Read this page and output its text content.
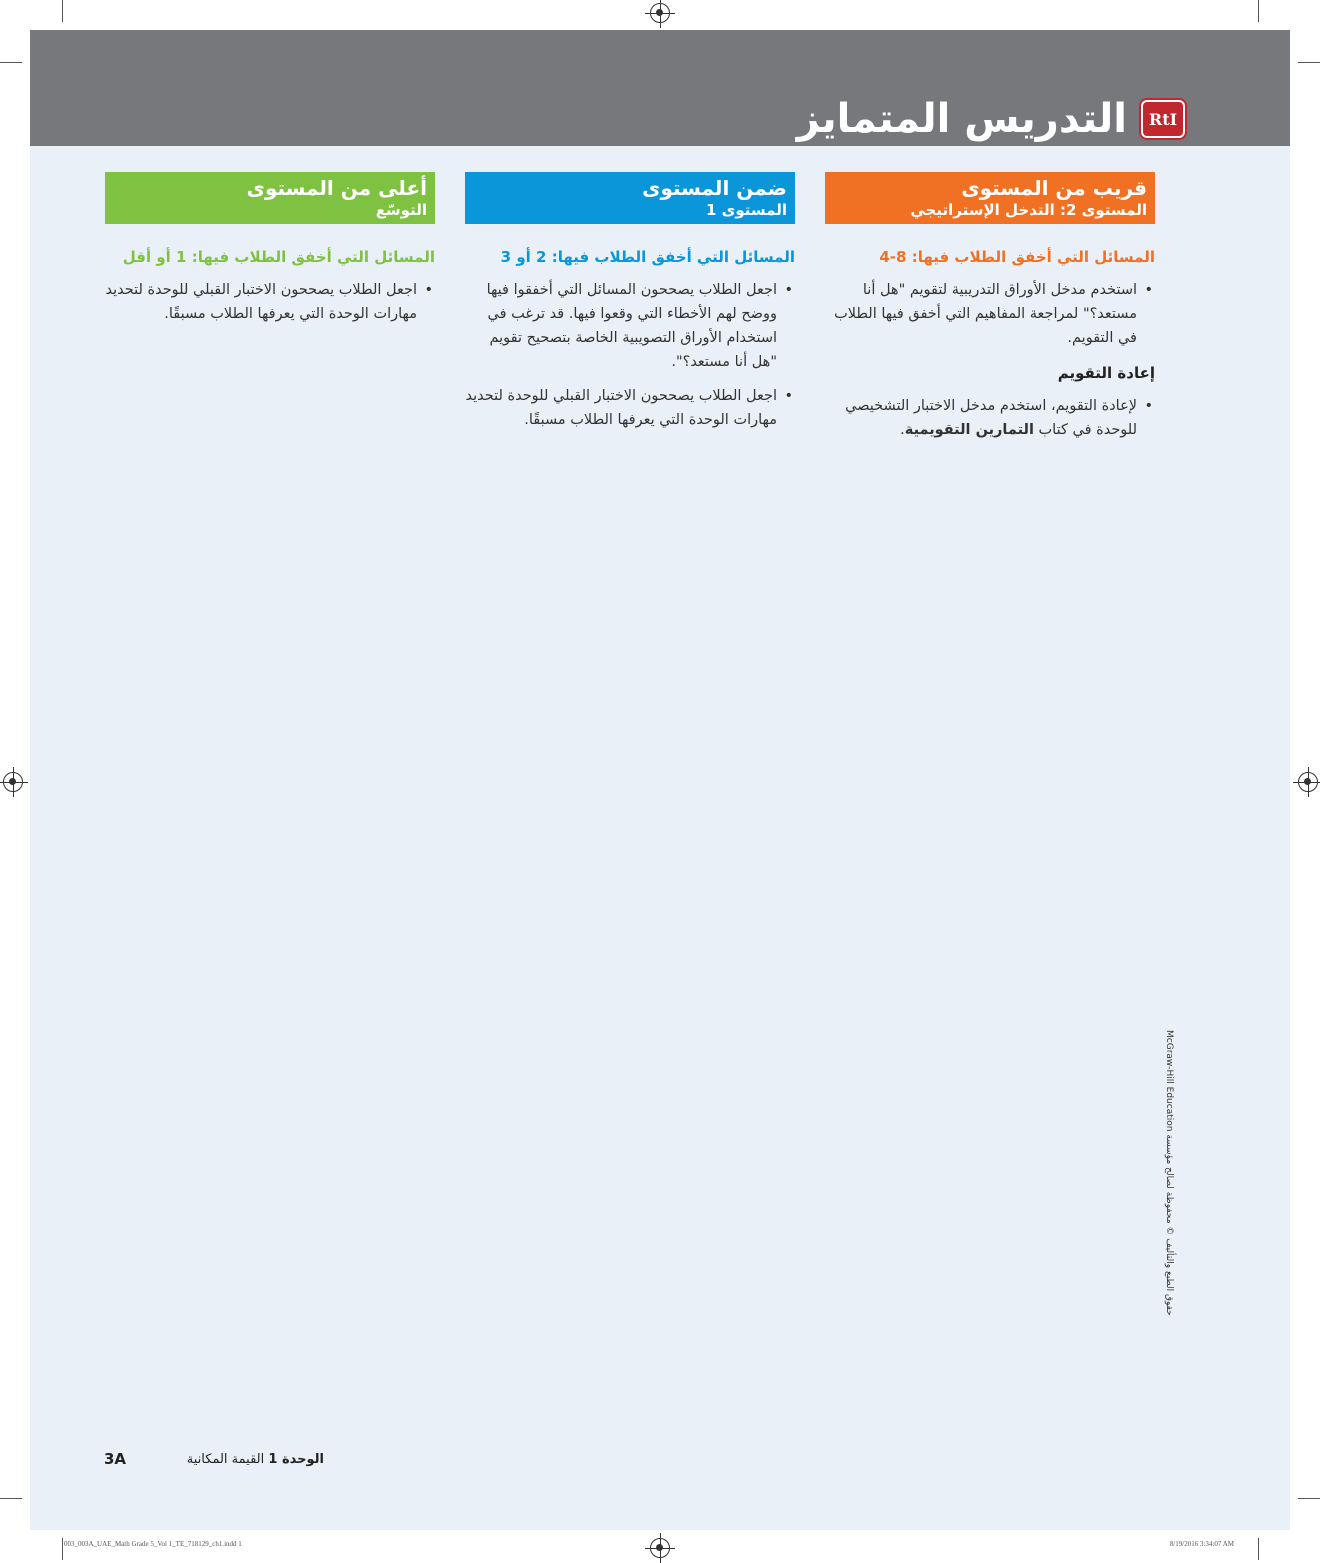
RtI
التدريس المتمايز
قريب من المستوى
المستوى 2: التدخل الإستراتيجي
المسائل التي أخفق الطلاب فيها: 8-4
• استخدم مدخل الأوراق التدريبية لتقويم "هل أنا مستعد؟" لمراجعة المفاهيم التي أخفق فيها الطلاب في التقويم.
إعادة التقويم
• لإعادة التقويم، استخدم مدخل الاختبار التشخيصي للوحدة في كتاب التمارين التقويمية.
ضمن المستوى
المستوى 1
المسائل التي أخفق الطلاب فيها: 2 أو 3
• اجعل الطلاب يصححون المسائل التي أخفقوا فيها ووضح لهم الأخطاء التي وقعوا فيها. قد ترغب في استخدام الأوراق التصويبية الخاصة بتصحيح تقويم "هل أنا مستعد؟".
• اجعل الطلاب يصححون الاختبار القبلي للوحدة لتحديد مهارات الوحدة التي يعرفها الطلاب مسبقًا.
أعلى من المستوى
التوسّع
المسائل التي أخفق الطلاب فيها: 1 أو أقل
• اجعل الطلاب يصححون الاختبار القبلي للوحدة لتحديد مهارات الوحدة التي يعرفها الطلاب مسبقًا.
حقوق الطبع والتأليف © محفوظة لصالح مؤسسة McGraw-Hill Education
3A	الوحدة 1 القيمة المكانية
003_003A_UAE_Math Grade 5_Vol 1_TE_718129_ch1.indd 1	8/19/2016 3:34:07 AM
